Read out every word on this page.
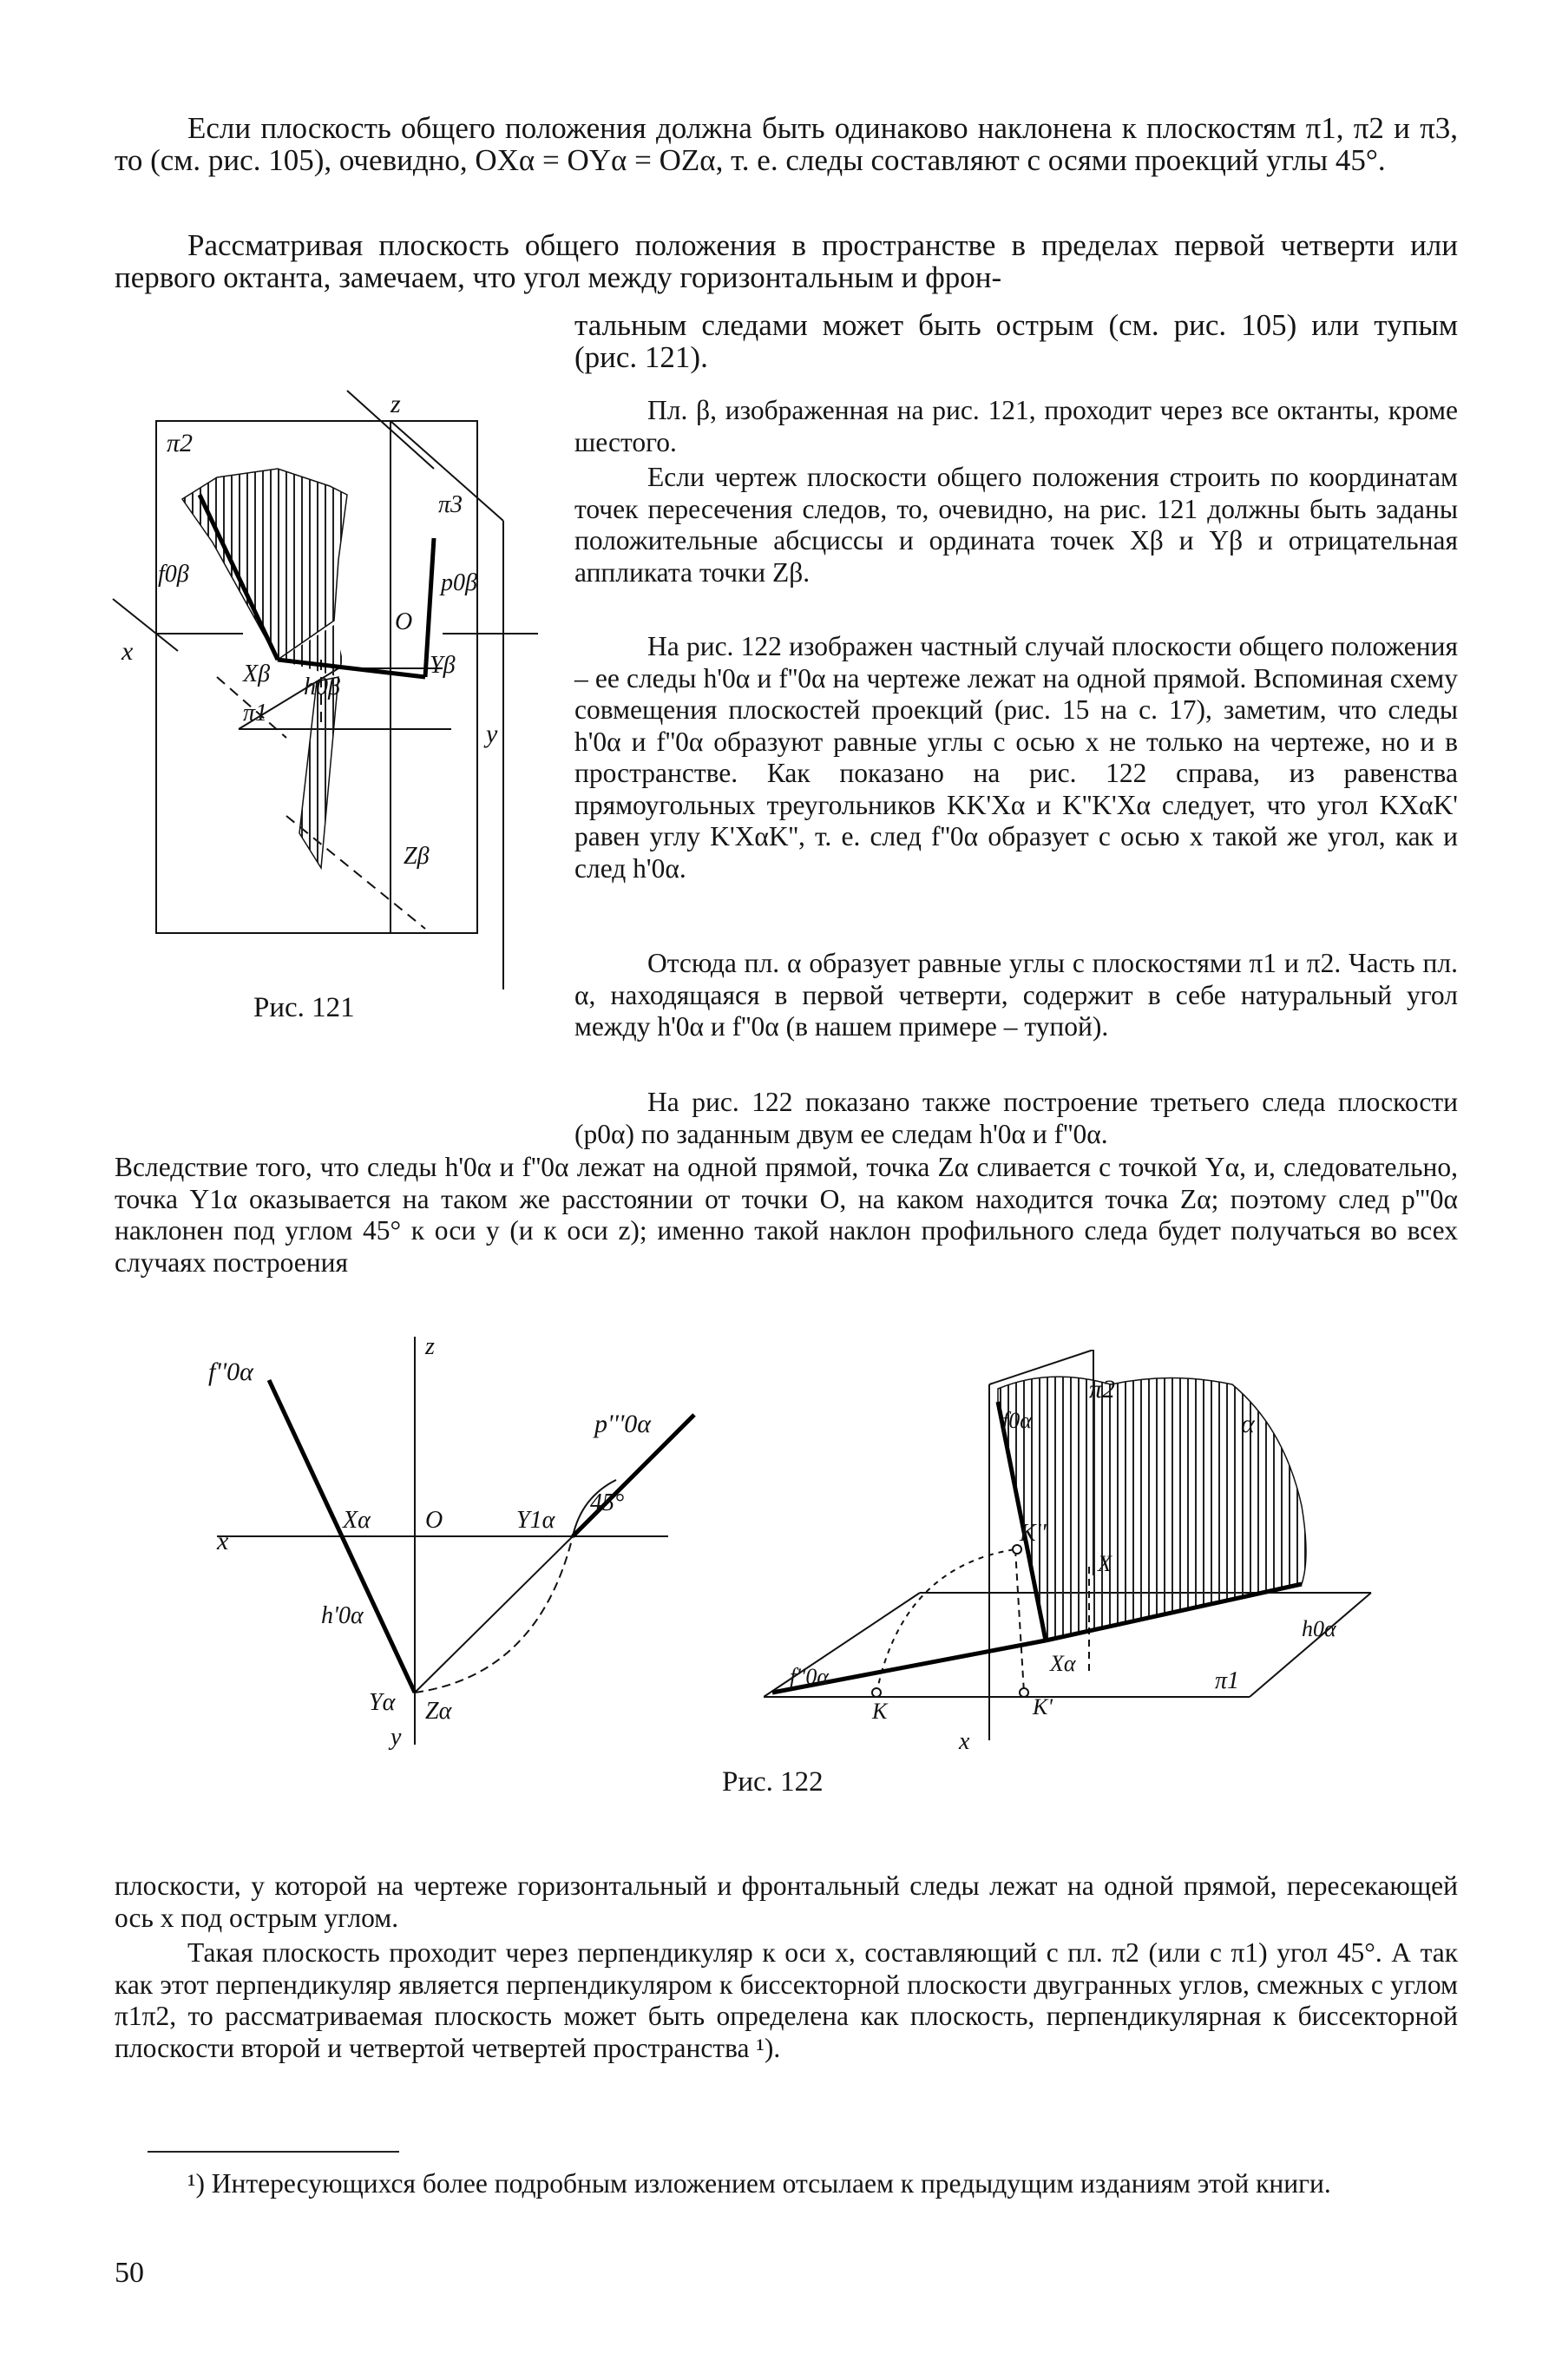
Если плоскость общего положения должна быть одинаково наклонена к плоскостям π1, π2 и π3, то (см. рис. 105), очевидно, OXα = OYα = OZα, т. е. следы составляют с осями проекций углы 45°.

Рассматривая плоскость общего положения в пространстве в пределах первой четверти или первого октанта, замечаем, что угол между горизонтальным и фрон-

тальным следами может быть острым (см. рис. 105) или тупым (рис. 121).

Пл. β, изображенная на рис. 121, проходит через все октанты, кроме шестого.

Если чертеж плоскости общего положения строить по координатам точек пересечения следов, то, очевидно, на рис. 121 должны быть заданы положительные абсциссы и ордината точек Xβ и Yβ и отрицательная аппликата точки Zβ.

На рис. 122 изображен частный случай плоскости общего положения – ее следы h'0α и f''0α на чертеже лежат на одной прямой. Вспоминая схему совмещения плоскостей проекций (рис. 15 на с. 17), заметим, что следы h'0α и f''0α образуют равные углы с осью x не только на чертеже, но и в пространстве. Как показано на рис. 122 справа, из равенства прямоугольных треугольников KK'Xα и K''K'Xα следует, что угол KXαK' равен углу K'XαK'', т. е. след f''0α образует с осью x такой же угол, как и след h'0α.

Отсюда пл. α образует равные углы с плоскостями π1 и π2. Часть пл. α, находящаяся в первой четверти, содержит в себе натуральный угол между h'0α и f''0α (в нашем примере – тупой).

На рис. 122 показано также построение третьего следа плоскости (p0α) по заданным двум ее следам h'0α и f''0α.

Вследствие того, что следы h'0α и f''0α лежат на одной прямой, точка Zα сливается с точкой Yα, и, следовательно, точка Y1α оказывается на таком же расстоянии от точки O, на каком находится точка Zα; поэтому след p'''0α наклонен под углом 45° к оси y (и к оси z); именно такой наклон профильного следа будет получаться во всех случаях построения

плоскости, у которой на чертеже горизонтальный и фронтальный следы лежат на одной прямой, пересекающей ось x под острым углом.

Такая плоскость проходит через перпендикуляр к оси x, составляющий с пл. π2 (или с π1) угол 45°. А так как этот перпендикуляр является перпендикуляром к биссекторной плоскости двугранных углов, смежных с углом π1π2, то рассматриваемая плоскость может быть определена как плоскость, перпендикулярная к биссекторной плоскости второй и четвертой четвертей пространства ¹).

¹) Интересующихся более подробным изложением отсылаем к предыдущим изданиям этой книги.

50
z
π2
π3
f0β	p0β
O
x
Xβ	Yβ
h0β
π1
y
Zβ
Рис. 121
f''0α
z
p'''0α
45°
x
Xα O	Y1α
h'0α
Yα Zα
y
π2
f0α	α
K''
X
h0α
f''0α
K
Xα
K'
π1
x
Рис. 122
